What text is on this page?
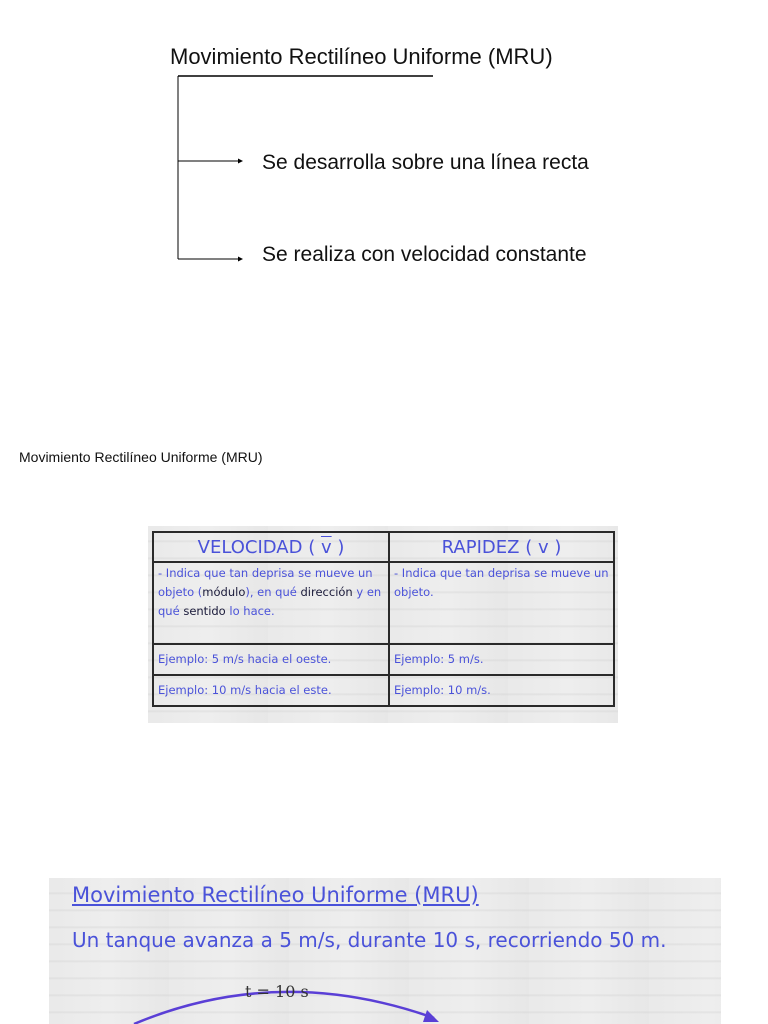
Movimiento Rectilíneo Uniforme (MRU)
Se desarrolla sobre una línea recta
Se realiza con velocidad constante
Movimiento Rectilíneo Uniforme (MRU)
VELOCIDAD ( $\overline{v}$ )	RAPIDEZ ( v )
- Indica que tan deprisa se mueve un objeto (módulo), en qué dirección y en qué sentido lo hace.	- Indica que tan deprisa se mueve un objeto.
Ejemplo: 5 m/s hacia el oeste.	Ejemplo: 5 m/s.
Ejemplo: 10 m/s hacia el este.	Ejemplo: 10 m/s.
Movimiento Rectilíneo Uniforme (MRU)
Un tanque avanza a 5 m/s, durante 10 s, recorriendo 50 m.
t = 10 s
